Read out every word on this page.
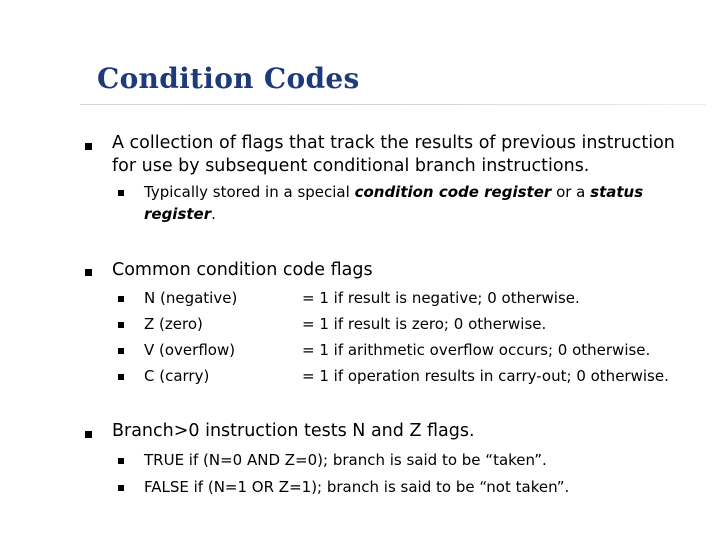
Condition Codes
A collection of flags that track the results of previous instruction
for use by subsequent conditional branch instructions.
Typically stored in a special condition code register or a status
register.
Common condition code flags
N (negative)	= 1 if result is negative; 0 otherwise.
Z (zero)	= 1 if result is zero; 0 otherwise.
V (overflow)	= 1 if arithmetic overflow occurs; 0 otherwise.
C (carry)	= 1 if operation results in carry-out; 0 otherwise.
Branch>0 instruction tests N and Z flags.
TRUE if (N=0 AND Z=0); branch is said to be “taken”.
FALSE if (N=1 OR Z=1); branch is said to be “not taken”.
